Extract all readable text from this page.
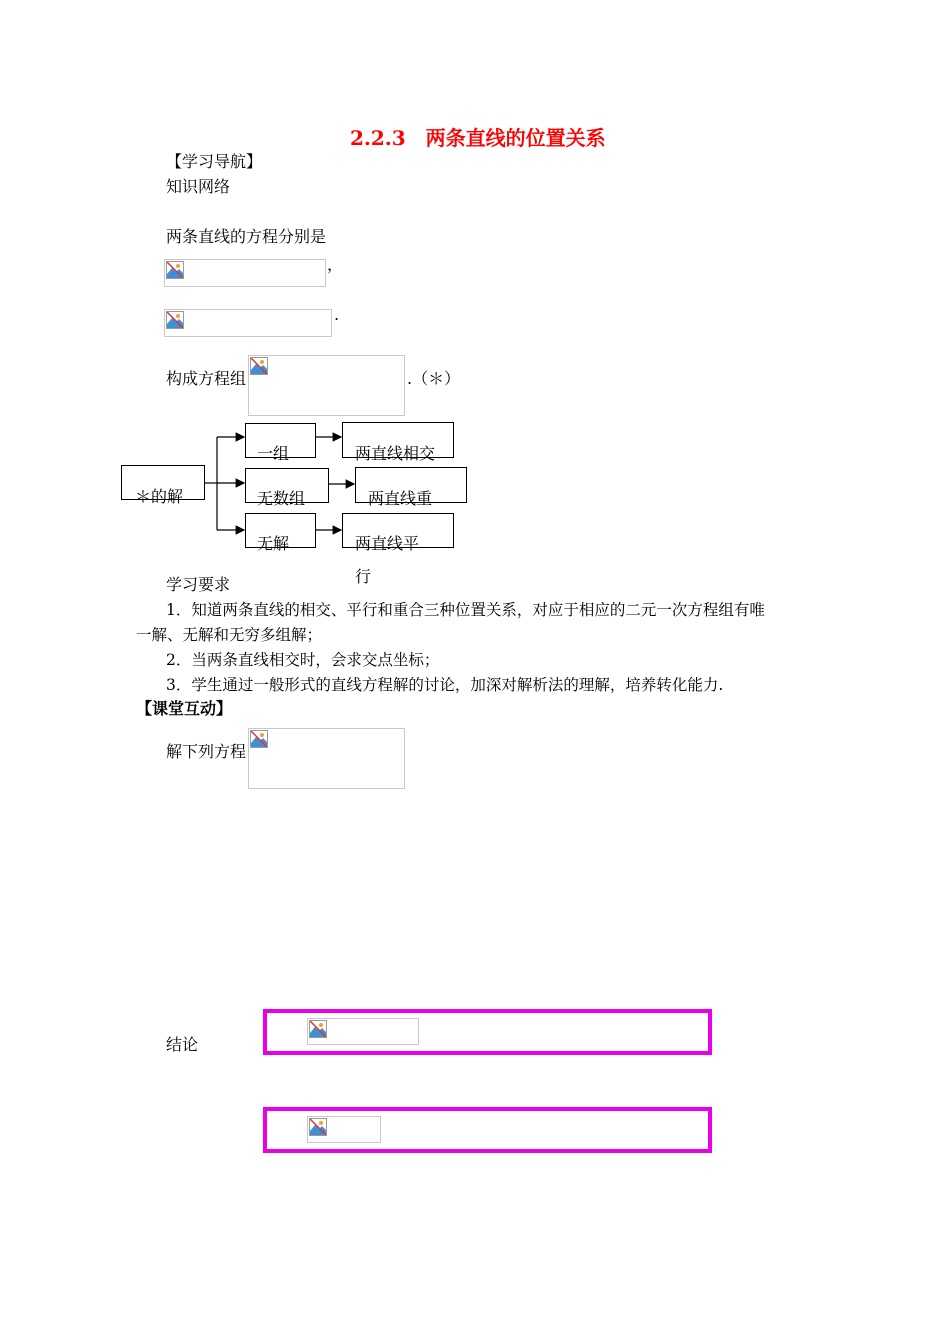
2.2.3　两条直线的位置关系
【学习导航】
知识网络
两条直线的方程分别是
，
.
构成方程组	.（＊）
＊的解
一组	两直线相交
无数组	两直线重
无解	两直线平
行
学习要求
1．知道两条直线的相交、平行和重合三种位置关系，对应于相应的二元一次方程组有唯
一解、无解和无穷多组解；
2．当两条直线相交时，会求交点坐标；
3．学生通过一般形式的直线方程解的讨论，加深对解析法的理解，培养转化能力.
【课堂互动】
解下列方程
结论
